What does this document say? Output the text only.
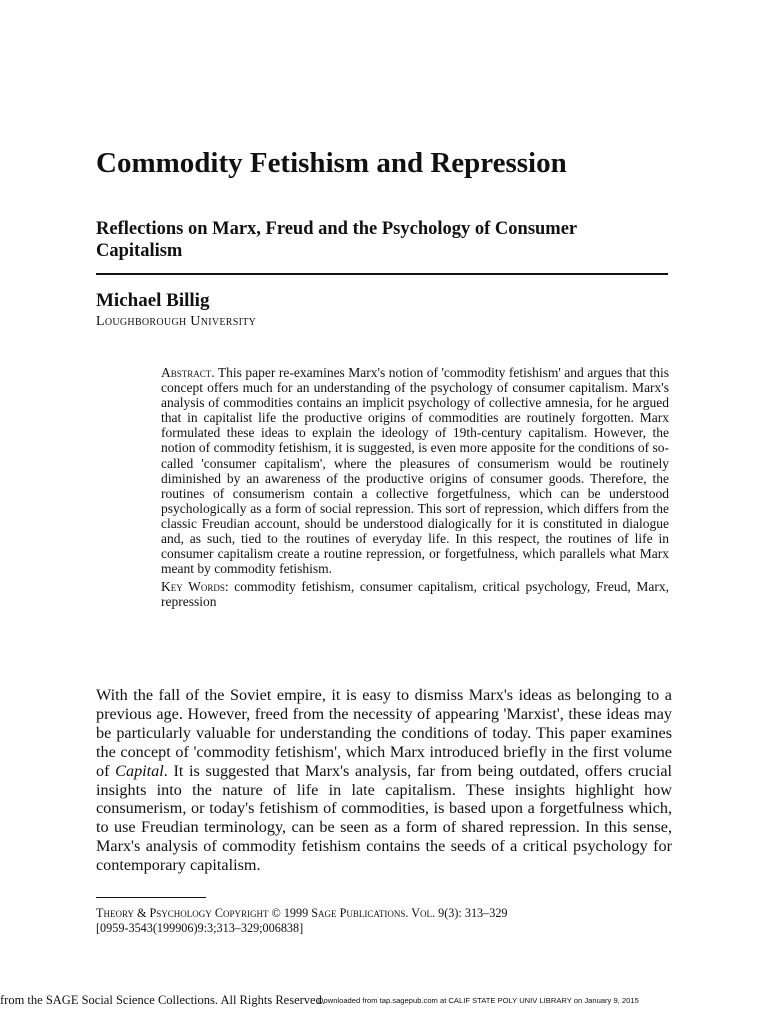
Commodity Fetishism and Repression
Reflections on Marx, Freud and the Psychology of Consumer Capitalism
Michael Billig
Loughborough University

Abstract. This paper re-examines Marx's notion of 'commodity fetishism' and argues that this concept offers much for an understanding of the psychology of consumer capitalism. Marx's analysis of commodities contains an implicit psychology of collective amnesia, for he argued that in capitalist life the productive origins of commodities are routinely forgotten. Marx formulated these ideas to explain the ideology of 19th-century capitalism. However, the notion of commodity fetishism, it is suggested, is even more apposite for the conditions of so-called 'consumer capitalism', where the pleasures of consumerism would be routinely diminished by an awareness of the productive origins of consumer goods. Therefore, the routines of consumerism contain a collective forgetfulness, which can be understood psychologically as a form of social repression. This sort of repression, which differs from the classic Freudian account, should be understood dialogically for it is constituted in dialogue and, as such, tied to the routines of everyday life. In this respect, the routines of life in consumer capitalism create a routine repression, or forgetfulness, which parallels what Marx meant by commodity fetishism.

Key Words: commodity fetishism, consumer capitalism, critical psychology, Freud, Marx, repression

With the fall of the Soviet empire, it is easy to dismiss Marx's ideas as belonging to a previous age. However, freed from the necessity of appearing 'Marxist', these ideas may be particularly valuable for understanding the conditions of today. This paper examines the concept of 'commodity fetishism', which Marx introduced briefly in the first volume of Capital. It is suggested that Marx's analysis, far from being outdated, offers crucial insights into the nature of life in late capitalism. These insights highlight how consumerism, or today's fetishism of commodities, is based upon a forgetfulness which, to use Freudian terminology, can be seen as a form of shared repression. In this sense, Marx's analysis of commodity fetishism contains the seeds of a critical psychology for contemporary capitalism.

Theory & Psychology Copyright © 1999 Sage Publications. Vol. 9(3): 313–329
[0959-3543(199906)9:3;313–329;006838]
from the SAGE Social Science Collections. All Rights Reserved.
Downloaded from tap.sagepub.com at CALIF STATE POLY UNIV LIBRARY on January 9, 2015
